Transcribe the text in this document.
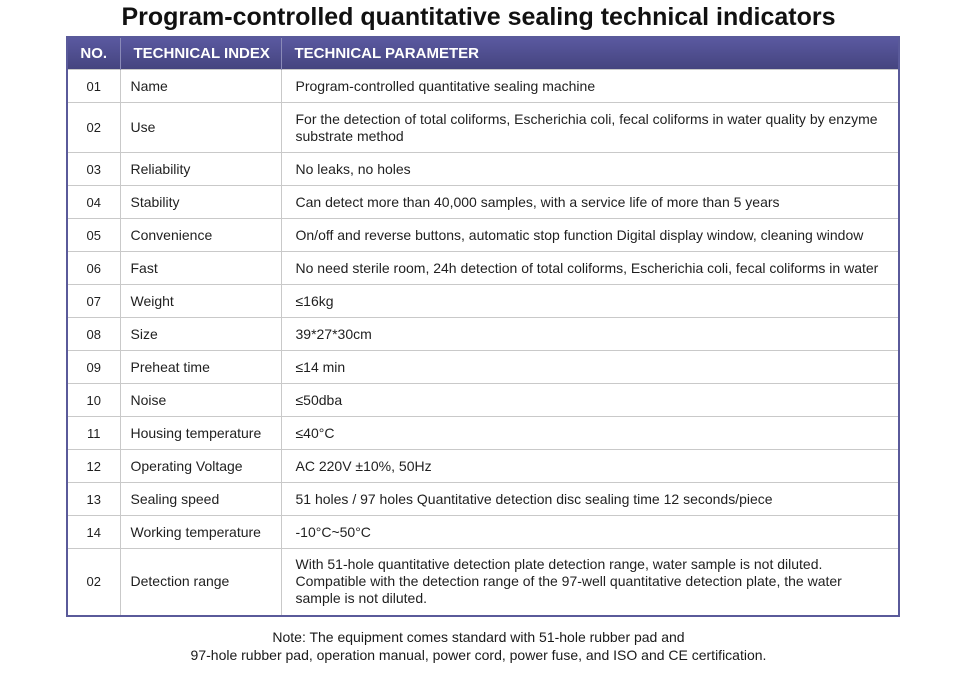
Program-controlled quantitative sealing technical indicators
NO.	TECHNICAL INDEX	TECHNICAL PARAMETER
01	Name	Program-controlled quantitative sealing machine
02	Use	For the detection of total coliforms, Escherichia coli, fecal coliforms in water quality by enzyme substrate method
03	Reliability	No leaks, no holes
04	Stability	Can detect more than 40,000 samples, with a service life of more than 5 years
05	Convenience	On/off and reverse buttons, automatic stop function Digital display window, cleaning window
06	Fast	No need sterile room, 24h detection of total coliforms, Escherichia coli, fecal coliforms in water
07	Weight	≤16kg
08	Size	39*27*30cm
09	Preheat time	≤14 min
10	Noise	≤50dba
11	Housing temperature	≤40°C
12	Operating Voltage	AC 220V ±10%, 50Hz
13	Sealing speed	51 holes / 97 holes Quantitative detection disc sealing time 12 seconds/piece
14	Working temperature	-10°C~50°C
02	Detection range	With 51-hole quantitative detection plate detection range, water sample is not diluted. Compatible with the detection range of the 97-well quantitative detection plate, the water sample is not diluted.
Note: The equipment comes standard with 51-hole rubber pad and
97-hole rubber pad, operation manual, power cord, power fuse, and ISO and CE certification.
